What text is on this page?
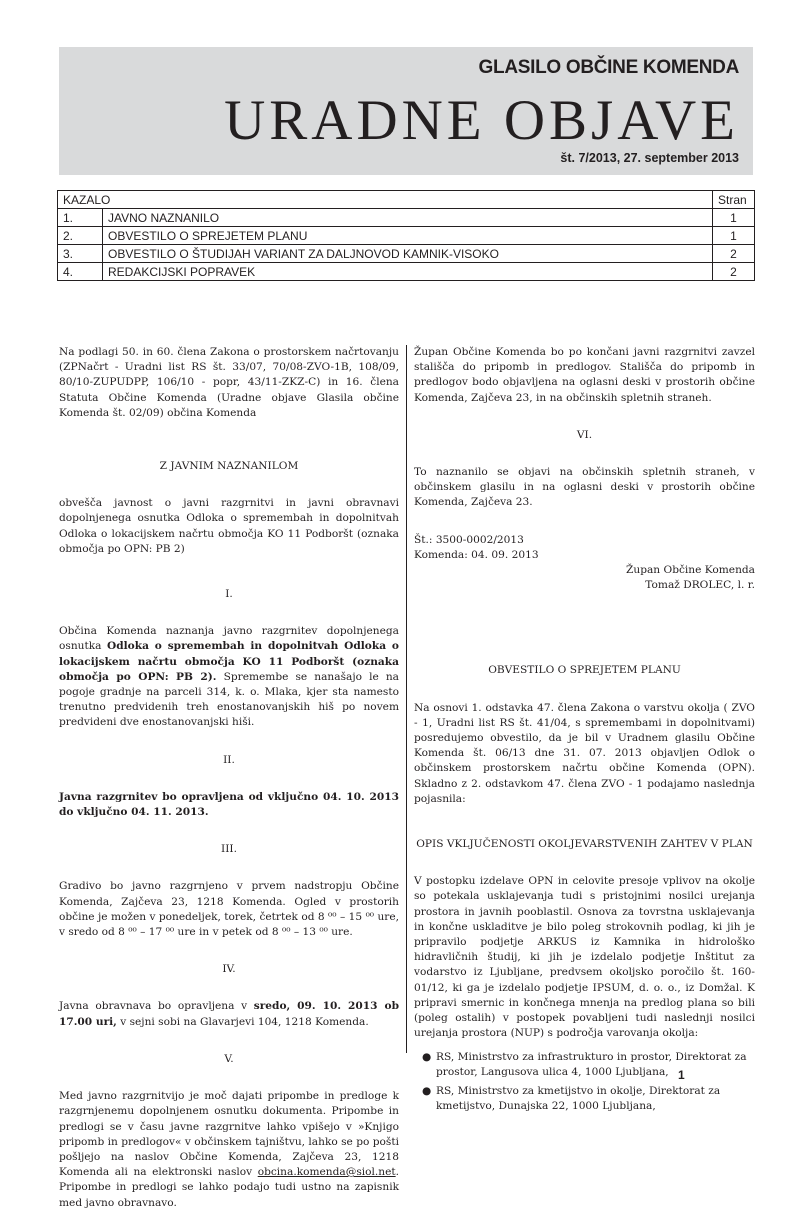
GLASILO OBČINE KOMENDA
URADNE OBJAVE
št. 7/2013, 27. september 2013
KAZALO		Stran
1.	JAVNO NAZNANILO	1
2.	OBVESTILO O SPREJETEM PLANU	1
3.	OBVESTILO O ŠTUDIJAH VARIANT ZA DALJNOVOD KAMNIK-VISOKO	2
4.	REDAKCIJSKI POPRAVEK	2

Na podlagi 50. in 60. člena Zakona o prostorskem načrtovanju (ZPNačrt - Uradni list RS št. 33/07, 70/08-ZVO-1B, 108/09, 80/10-ZUPUDPP, 106/10 - popr, 43/11-ZKZ-C) in 16. člena Statuta Občine Komenda (Uradne objave Glasila občine Komenda št. 02/09) občina Komenda

Z JAVNIM NAZNANILOM

obvešča javnost o javni razgrnitvi in javni obravnavi dopolnjenega osnutka Odloka o spremembah in dopolnitvah Odloka o lokacijskem načrtu območja KO 11 Podboršt (oznaka območja po OPN: PB 2)

I.

Občina Komenda naznanja javno razgrnitev dopolnjenega osnutka Odloka o spremembah in dopolnitvah Odloka o lokacijskem načrtu območja KO 11 Podboršt (oznaka območja po OPN: PB 2). Spremembe se nanašajo le na pogoje gradnje na parceli 314, k. o. Mlaka, kjer sta namesto trenutno predvidenih treh enostanovanjskih hiš po novem predvideni dve enostanovanjski hiši.

II.

Javna razgrnitev bo opravljena od vključno 04. 10. 2013 do vključno 04. 11. 2013.

III.

Gradivo bo javno razgrnjeno v prvem nadstropju Občine Komenda, Zajčeva 23, 1218 Komenda. Ogled v prostorih občine je možen v ponedeljek, torek, četrtek od 8 ⁰⁰ – 15 ⁰⁰ ure, v sredo od 8 ⁰⁰ – 17 ⁰⁰ ure in v petek od 8 ⁰⁰ – 13 ⁰⁰ ure.

IV.

Javna obravnava bo opravljena v sredo, 09. 10. 2013 ob 17.00 uri, v sejni sobi na Glavarjevi 104, 1218 Komenda.

V.

Med javno razgrnitvijo je moč dajati pripombe in predloge k razgrnjenemu dopolnjenem osnutku dokumenta. Pripombe in predlogi se v času javne razgrnitve lahko vpišejo v »Knjigo pripomb in predlogov« v občinskem tajništvu, lahko se po pošti pošljejo na naslov Občine Komenda, Zajčeva 23, 1218 Komenda ali na elektronski naslov obcina.komenda@siol.net. Pripombe in predlogi se lahko podajo tudi ustno na zapisnik med javno obravnavo.

Župan Občine Komenda bo po končani javni razgrnitvi zavzel stališča do pripomb in predlogov. Stališča do pripomb in predlogov bodo objavljena na oglasni deski v prostorih občine Komenda, Zajčeva 23, in na občinskih spletnih straneh.

VI.

To naznanilo se objavi na občinskih spletnih straneh, v občinskem glasilu in na oglasni deski v prostorih občine Komenda, Zajčeva 23.

Št.: 3500-0002/2013

Komenda: 04. 09. 2013

Župan Občine Komenda

Tomaž DROLEC, l. r.

OBVESTILO O SPREJETEM PLANU

Na osnovi 1. odstavka 47. člena Zakona o varstvu okolja ( ZVO - 1, Uradni list RS št. 41/04, s spremembami in dopolnitvami) posredujemo obvestilo, da je bil v Uradnem glasilu Občine Komenda št. 06/13 dne 31. 07. 2013 objavljen Odlok o občinskem prostorskem načrtu občine Komenda (OPN). Skladno z 2. odstavkom 47. člena ZVO - 1 podajamo naslednja pojasnila:

OPIS VKLJUČENOSTI OKOLJEVARSTVENIH ZAHTEV V PLAN

V postopku izdelave OPN in celovite presoje vplivov na okolje so potekala usklajevanja tudi s pristojnimi nosilci urejanja prostora in javnih pooblastil. Osnova za tovrstna usklajevanja in končne uskladitve je bilo poleg strokovnih podlag, ki jih je pripravilo podjetje ARKUS iz Kamnika in hidrološko hidravličnih študij, ki jih je izdelalo podjetje Inštitut za vodarstvo iz Ljubljane, predvsem okoljsko poročilo št. 160-01/12, ki ga je izdelalo podjetje IPSUM, d. o. o., iz Domžal. K pripravi smernic in končnega mnenja na predlog plana so bili (poleg ostalih) v postopek povabljeni tudi naslednji nosilci urejanja prostora (NUP) s področja varovanja okolja:

● RS, Ministrstvo za infrastrukturo in prostor, Direktorat za prostor, Langusova ulica 4, 1000 Ljubljana,
● RS, Ministrstvo za kmetijstvo in okolje, Direktorat za kmetijstvo, Dunajska 22, 1000 Ljubljana,
1
